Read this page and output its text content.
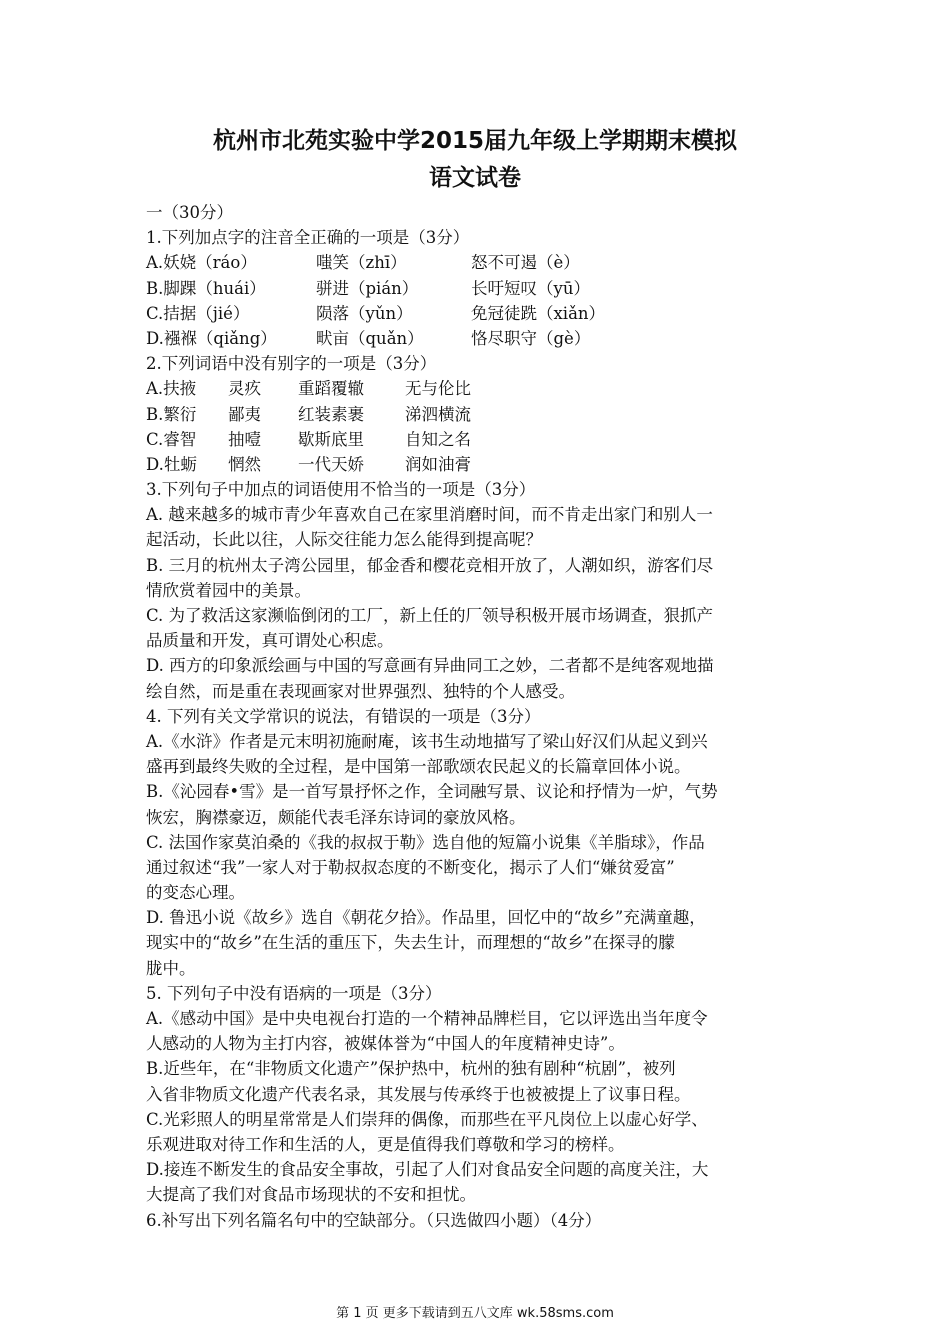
杭州市北苑实验中学2015届九年级上学期期末模拟
语文试卷
一（30分）
1.下列加点字的注音全正确的一项是（3分）
A.妖娆（ráo）	嗤笑（zhī）	怒不可遏（è）
B.脚踝（huái）	骈进（pián）	长吁短叹（yū）
C.拮据（jié）	陨落（yǔn）	免冠徒跣（xiǎn）
D.襁褓（qiǎng）	畎亩（quǎn）	恪尽职守（gè）
2.下列词语中没有别字的一项是（3分）
A.扶掖	灵疚	重蹈覆辙	无与伦比
B.繁衍	鄙夷	红装素裹	涕泗横流
C.睿智	抽噎	歇斯底里	自知之名
D.牡蛎	惘然	一代天娇	润如油膏
3.下列句子中加点的词语使用不恰当的一项是（3分）
A. 越来越多的城市青少年喜欢自己在家里消磨时间，而不肯走出家门和别人一
起活动，长此以往，人际交往能力怎么能得到提高呢？
B. 三月的杭州太子湾公园里，郁金香和樱花竞相开放了，人潮如织，游客们尽
情欣赏着园中的美景。
C. 为了救活这家濒临倒闭的工厂，新上任的厂领导积极开展市场调查，狠抓产
品质量和开发，真可谓处心积虑。
D. 西方的印象派绘画与中国的写意画有异曲同工之妙，二者都不是纯客观地描
绘自然，而是重在表现画家对世界强烈、独特的个人感受。
4. 下列有关文学常识的说法，有错误的一项是（3分）
A.《水浒》作者是元末明初施耐庵，该书生动地描写了梁山好汉们从起义到兴
盛再到最终失败的全过程，是中国第一部歌颂农民起义的长篇章回体小说。
B.《沁园春•雪》是一首写景抒怀之作，全词融写景、议论和抒情为一炉，气势
恢宏，胸襟豪迈，颇能代表毛泽东诗词的豪放风格。
C. 法国作家莫泊桑的《我的叔叔于勒》选自他的短篇小说集《羊脂球》，作品
通过叙述“我”一家人对于勒叔叔态度的不断变化，揭示了人们“嫌贫爱富”
的变态心理。
D. 鲁迅小说《故乡》选自《朝花夕拾》。作品里，回忆中的“故乡”充满童趣，
现实中的“故乡”在生活的重压下，失去生计，而理想的“故乡”在探寻的朦
胧中。
5. 下列句子中没有语病的一项是（3分）
A.《感动中国》是中央电视台打造的一个精神品牌栏目，它以评选出当年度令
人感动的人物为主打内容，被媒体誉为“中国人的年度精神史诗”。
B.近些年，在“非物质文化遗产”保护热中，杭州的独有剧种“杭剧”，被列
入省非物质文化遗产代表名录，其发展与传承终于也被被提上了议事日程。
C.光彩照人的明星常常是人们崇拜的偶像，而那些在平凡岗位上以虚心好学、
乐观进取对待工作和生活的人，更是值得我们尊敬和学习的榜样。
D.接连不断发生的食品安全事故，引起了人们对食品安全问题的高度关注，大
大提高了我们对食品市场现状的不安和担忧。
6.补写出下列名篇名句中的空缺部分。（只选做四小题）（4分）
第 1 页 更多下载请到五八文库 wk.58sms.com
